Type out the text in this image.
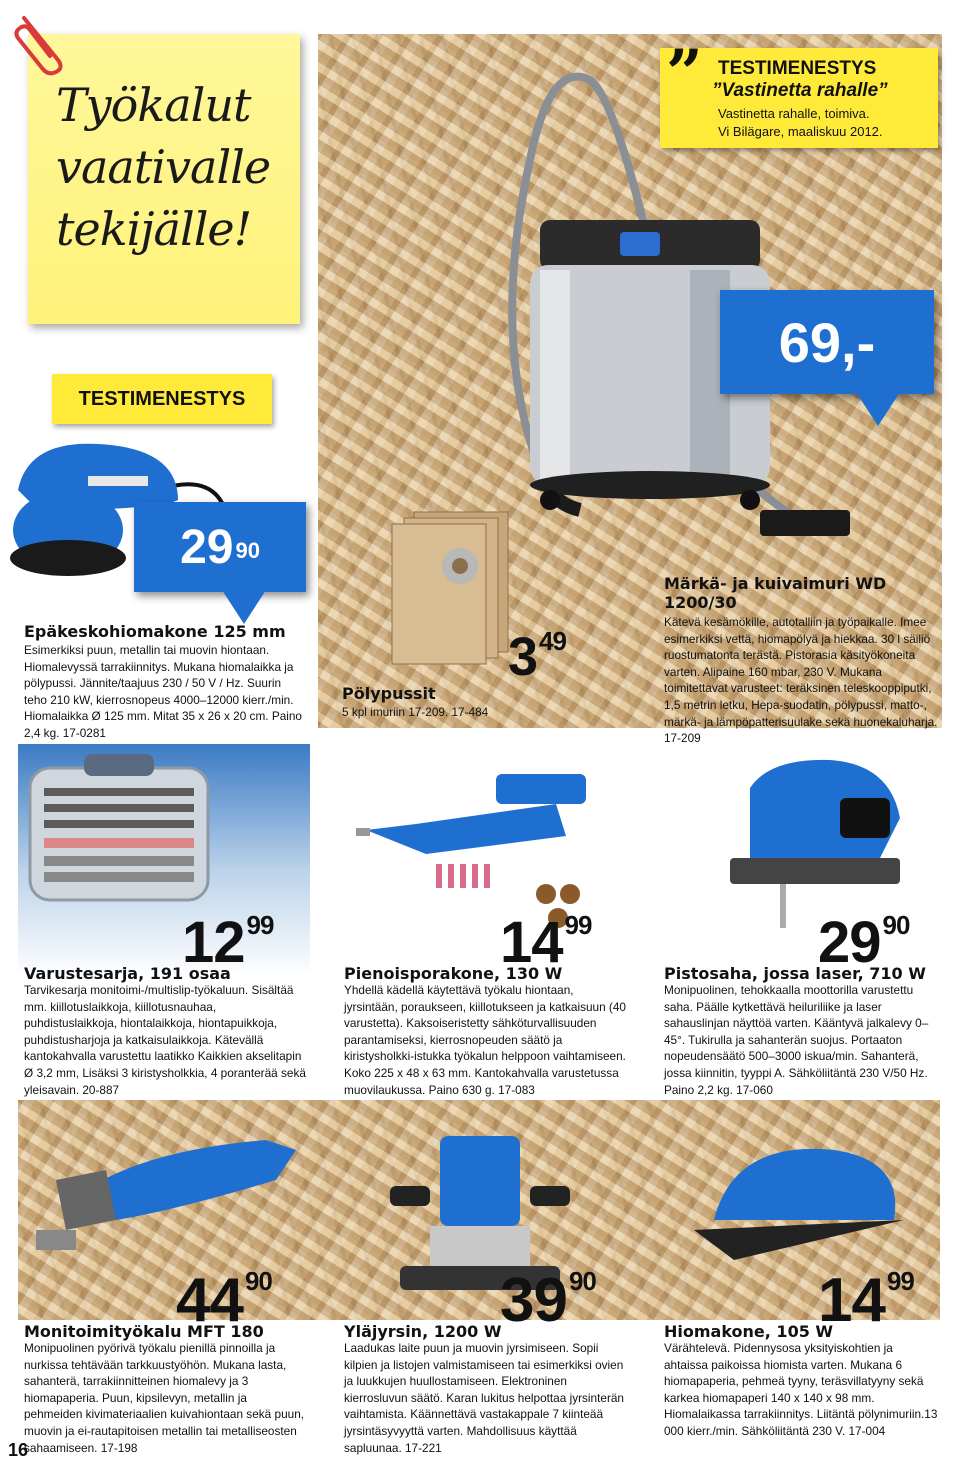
Työkalut
vaativalle
tekijälle!
TESTIMENESTYS
” TESTIMENESTYS
”Vastinetta rahalle”
Vastinetta rahalle, toimiva.
Vi Bilägare, maaliskuu 2012.
69,-
$29^{90}$
Epäkeskohiomakone 125 mm
Esimerkiksi puun, metallin tai muovin hiontaan. Hiomalevyssä tarrakiinnitys. Mukana hiomalaikka ja pölypussi. Jännite/taajuus 230 / 50 V / Hz. Suurin teho 210 kW, kierrosnopeus 4000–12000 kierr./min. Hiomalaikka Ø 125 mm. Mitat 35 x 26 x 20 cm. Paino 2,4 kg. 17-0281
$3^{49}$
Pölypussit
5 kpl imuriin 17-209. 17-484
Märkä- ja kuivaimuri WD 1200/30
Kätevä kesämökille, autotalliin ja työpaikalle. Imee esimerkiksi vettä, hiomapölyä ja hiekkaa. 30 l säiliö ruostumatonta terästä. Pistorasia käsityökoneita varten. Alipaine 160 mbar, 230 V. Mukana toimitettavat varusteet: teräksinen teleskooppiputki, 1,5 metrin letku, Hepa-suodatin, pölypussi, matto-, märkä- ja lämpöpatterisuulake sekä huonekaluharja. 17-209
$12^{99}$
Varustesarja, 191 osaa
Tarvikesarja monitoimi-/multislip-työkaluun. Sisältää mm. kiillotuslaikkoja, kiillotusnauhaa, puhdistuslaikkoja, hiontalaikkoja, hiontapuikkoja, puhdistusharjoja ja katkaisulaikkoja. Kätevällä kantokahvalla varustettu laatikko Kaikkien akselitapin Ø 3,2 mm, Lisäksi 3 kiristysholkkia, 4 poranterää sekä yleisavain. 20-887
$14^{99}$
Pienoisporakone, 130 W
Yhdellä kädellä käytettävä työkalu hiontaan, jyrsintään, poraukseen, kiillotukseen ja katkaisuun (40 varustetta). Kaksoiseristetty sähköturvallisuuden parantamiseksi, kierrosnopeuden säätö ja kiristysholkki-istukka työkalun helppoon vaihtamiseen. Koko 225 x 48 x 63 mm. Kantokahvalla varustetussa muovilaukussa. Paino 630 g. 17-083
$29^{90}$
Pistosaha, jossa laser, 710 W
Monipuolinen, tehokkaalla moottorilla varustettu saha. Päälle kytkettävä heiluriliike ja laser sahauslinjan näyttöä varten. Kääntyvä jalkalevy 0–45°. Tukirulla ja sahanterän suojus. Portaaton nopeudensäätö 500–3000 iskua/min. Sahanterä, jossa kiinnitin, tyyppi A. Sähköliitäntä 230 V/50 Hz. Paino 2,2 kg. 17-060
$44^{90}$
Monitoimityökalu MFT 180
Monipuolinen pyörivä työkalu pienillä pinnoilla ja nurkissa tehtävään tarkkuustyöhön. Mukana lasta, sahanterä, tarrakiinnitteinen hiomalevy ja 3 hiomapaperia. Puun, kipsilevyn, metallin ja pehmeiden kivimateriaalien kuivahiontaan sekä puun, muovin ja ei-rautapitoisen metallin tai metalliseosten sahaamiseen. 17-198
$39^{90}$
Yläjyrsin, 1200 W
Laadukas laite puun ja muovin jyrsimiseen. Sopii kilpien ja listojen valmistamiseen tai esimerkiksi ovien ja luukkujen huullostamiseen. Elektroninen kierrosluvun säätö. Karan lukitus helpottaa jyrsinterän vaihtamista. Käännettävä vastakappale 7 kiinteää jyrsintäsyvyyttä varten. Mahdollisuus käyttää sapluunaa. 17-221
$14^{99}$
Hiomakone, 105 W
Värähtelevä. Pidennysosa yksityiskohtien ja ahtaissa paikoissa hiomista varten. Mukana 6 hiomapaperia, pehmeä tyyny, teräsvillatyyny sekä karkea hiomapaperi 140 x 140 x 98 mm. Hiomalaikassa tarrakiinnitys. Liitäntä pölynimuriin.13 000 kierr./min. Sähköliitäntä 230 V. 17-004
16
